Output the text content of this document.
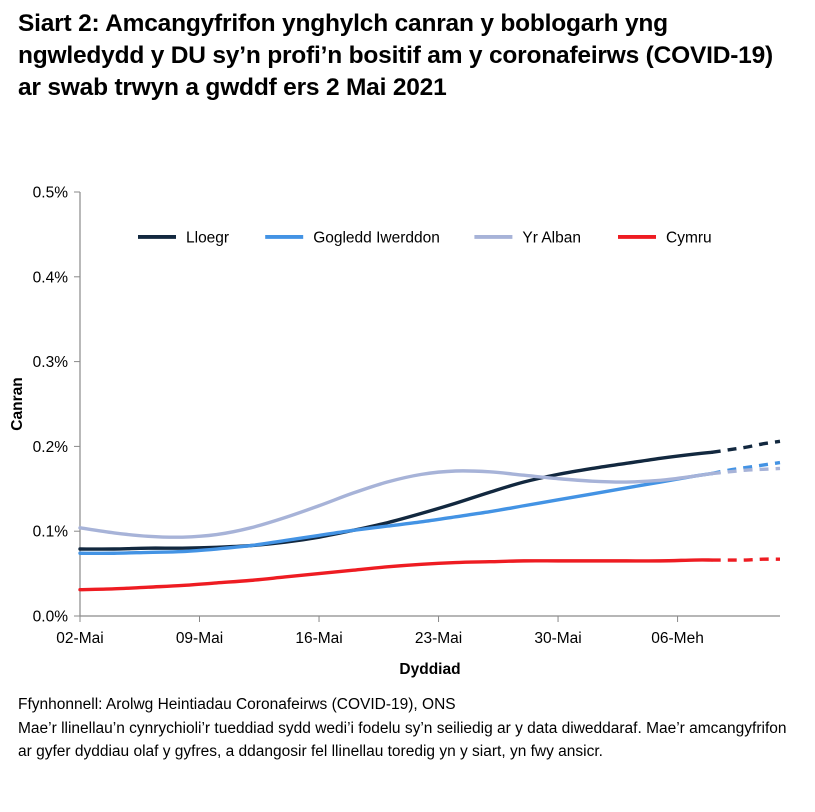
Siart 2: Amcangyfrifon ynghylch canran y boblogarh yng ngwledydd y DU sy’n profi’n bositif am y coronafeirws (COVID-19) ar swab trwyn a gwddf ers 2 Mai 2021
0.0%
0.1%
0.2%
0.3%
0.4%
0.5%
02-Mai	09-Mai	16-Mai	23-Mai	30-Mai	06-Meh
Lloegr	Gogledd Iwerddon	Yr Alban	Cymru
Canran
Dyddiad

Ffynhonnell: Arolwg Heintiadau Coronafeirws (COVID-19), ONS

Mae’r llinellau’n cynrychioli’r tueddiad sydd wedi’i fodelu sy’n seiliedig ar y data diweddaraf. Mae’r amcangyfrifon ar gyfer dyddiau olaf y gyfres, a ddangosir fel llinellau toredig yn y siart, yn fwy ansicr.
